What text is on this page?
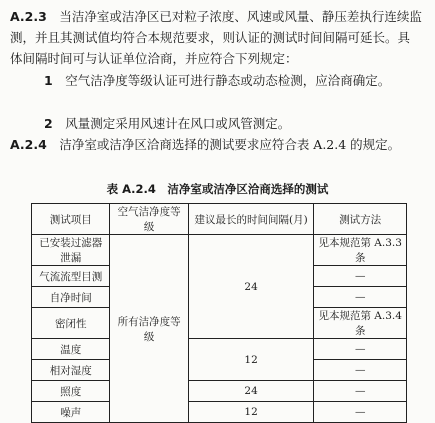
A.2.3　 当洁净室或洁净区已对粒子浓度、风速或风量、静压差执行连续监测，并且其测试值均符合本规范要求，则认证的测试时间间隔可延长。具体间隔时间可与认证单位洽商，并应符合下列规定：
1　 空气洁净度等级认证可进行静态或动态检测，应洽商确定。
2　 风量测定采用风速计在风口或风管测定。
A.2.4　 洁净室或洁净区洽商选择的测试要求应符合表 A.2.4 的规定。
表 A.2.4　洁净室或洁净区洽商选择的测试
测试项目	空气洁净度等级	建议最长的时间间隔(月)	测试方法
已安装过滤器泄漏	所有洁净度等级	24	见本规范第 A.3.3 条
气流流型目测			—
自净时间			—
密闭性			见本规范第 A.3.4 条
温度		12	—
相对湿度			—
照度		24	—
噪声		12	—
